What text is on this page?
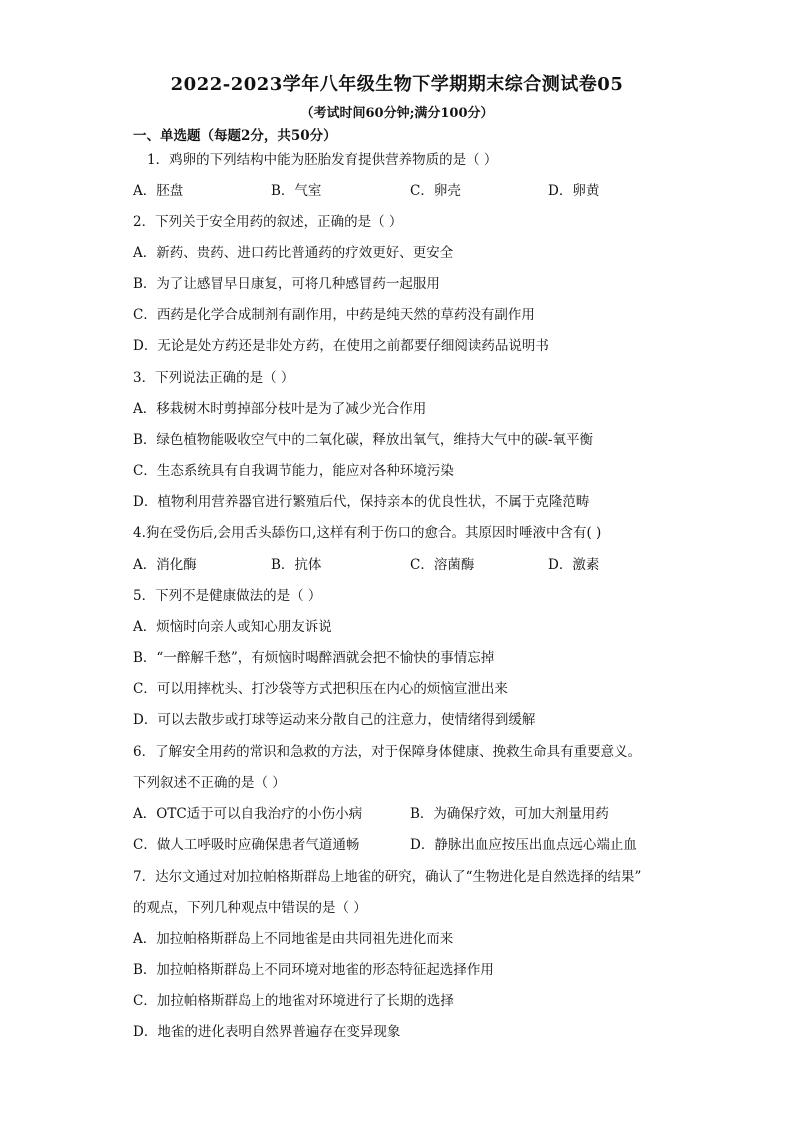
2022-2023学年八年级生物下学期期末综合测试卷05
（考试时间60分钟;满分100分）
一、单选题（每题2分，共50分）
1．鸡卵的下列结构中能为胚胎发育提供营养物质的是（ ）
A．胚盘	B．气室	C．卵壳	D．卵黄
2．下列关于安全用药的叙述，正确的是（ ）
A．新药、贵药、进口药比普通药的疗效更好、更安全
B．为了让感冒早日康复，可将几种感冒药一起服用
C．西药是化学合成制剂有副作用，中药是纯天然的草药没有副作用
D．无论是处方药还是非处方药，在使用之前都要仔细阅读药品说明书
3．下列说法正确的是（ ）
A．移栽树木时剪掉部分枝叶是为了减少光合作用
B．绿色植物能吸收空气中的二氧化碳，释放出氧气，维持大气中的碳-氧平衡
C．生态系统具有自我调节能力，能应对各种环境污染
D．植物利用营养器官进行繁殖后代，保持亲本的优良性状，不属于克隆范畴
4.狗在受伤后,会用舌头舔伤口,这样有利于伤口的愈合。其原因时唾液中含有( )
A．消化酶	B．抗体	C．溶菌酶	D．激素
5．下列不是健康做法的是（ ）
A．烦恼时向亲人或知心朋友诉说
B．“一醉解千愁”，有烦恼时喝醉酒就会把不愉快的事情忘掉
C．可以用摔枕头、打沙袋等方式把积压在内心的烦恼宣泄出来
D．可以去散步或打球等运动来分散自己的注意力，使情绪得到缓解
6．了解安全用药的常识和急救的方法，对于保障身体健康、挽救生命具有重要意义。
下列叙述不正确的是（ ）
A．OTC适于可以自我治疗的小伤小病	B．为确保疗效，可加大剂量用药
C．做人工呼吸时应确保患者气道通畅	D．静脉出血应按压出血点远心端止血
7．达尔文通过对加拉帕格斯群岛上地雀的研究，确认了“生物进化是自然选择的结果”
的观点，下列几种观点中错误的是（ ）
A．加拉帕格斯群岛上不同地雀是由共同祖先进化而来
B．加拉帕格斯群岛上不同环境对地雀的形态特征起选择作用
C．加拉帕格斯群岛上的地雀对环境进行了长期的选择
D．地雀的进化表明自然界普遍存在变异现象
